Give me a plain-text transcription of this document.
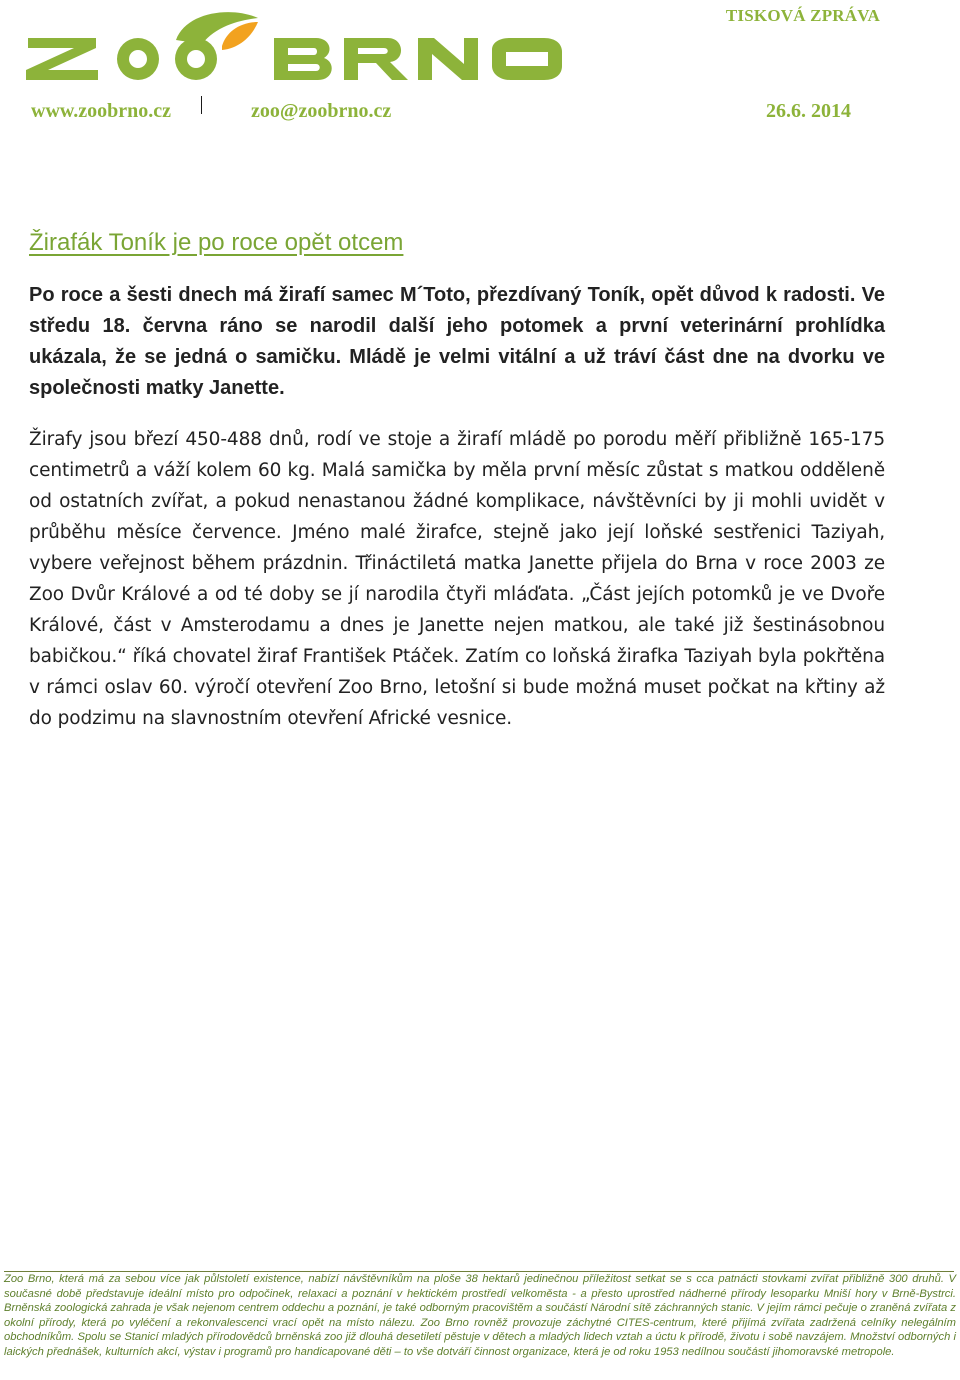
TISKOVÁ ZPRÁVA
www.zoobrno.cz	zoo@zoobrno.cz	26.6. 2014
Žirafák Toník je po roce opět otcem

Po roce a šesti dnech má žirafí samec M´Toto, přezdívaný Toník, opět důvod k radosti. Ve středu 18. června ráno se narodil další jeho potomek a první veterinární prohlídka ukázala, že se jedná o samičku. Mládě je velmi vitální a už tráví část dne na dvorku ve společnosti matky Janette.

Žirafy jsou březí 450-488 dnů, rodí ve stoje a žirafí mládě po porodu měří přibližně 165-175 centimetrů a váží kolem 60 kg. Malá samička by měla první měsíc zůstat s matkou odděleně od ostatních zvířat, a pokud nenastanou žádné komplikace, návštěvníci by ji mohli uvidět v průběhu měsíce července. Jméno malé žirafce, stejně jako její loňské sestřenici Taziyah, vybere veřejnost během prázdnin. Třináctiletá matka Janette přijela do Brna v roce 2003 ze Zoo Dvůr Králové a od té doby se jí narodila čtyři mláďata. „Část jejích potomků je ve Dvoře Králové, část v Amsterodamu a dnes je Janette nejen matkou, ale také již šestinásobnou babičkou.“ říká chovatel žiraf František Ptáček. Zatím co loňská žirafka Taziyah byla pokřtěna v rámci oslav 60. výročí otevření Zoo Brno, letošní si bude možná muset počkat na křtiny až do podzimu na slavnostním otevření Africké vesnice.

Zoo Brno, která má za sebou více jak půlstoletí existence, nabízí návštěvníkům na ploše 38 hektarů jedinečnou příležitost setkat se s cca patnácti stovkami zvířat přibližně 300 druhů. V současné době představuje ideální místo pro odpočinek, relaxaci a poznání v hektickém prostředí velkoměsta - a přesto uprostřed nádherné přírody lesoparku Mniší hory v Brně-Bystrci. Brněnská zoologická zahrada je však nejenom centrem oddechu a poznání, je také odborným pracovištěm a součástí Národní sítě záchranných stanic. V jejím rámci pečuje o zraněná zvířata z okolní přírody, která po vyléčení a rekonvalescenci vrací opět na místo nálezu. Zoo Brno rovněž provozuje záchytné CITES-centrum, které přijímá zvířata zadržená celníky nelegálním obchodníkům. Spolu se Stanicí mladých přírodovědců brněnská zoo již dlouhá desetiletí pěstuje v dětech a mladých lidech vztah a úctu k přírodě, životu i sobě navzájem. Množství odborných i laických přednášek, kulturních akcí, výstav i programů pro handicapované děti – to vše dotváří činnost organizace, která je od roku 1953 nedílnou součástí jihomoravské metropole.
